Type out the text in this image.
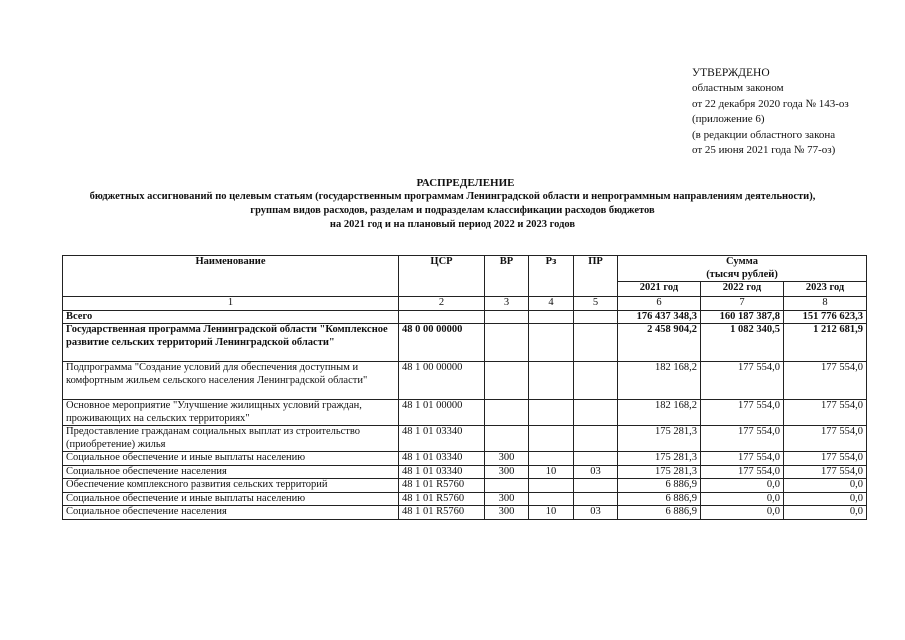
УТВЕРЖДЕНО
областным законом
от 22 декабря 2020 года № 143-оз
(приложение 6)
(в редакции областного закона
от 25 июня 2021 года № 77-оз)
РАСПРЕДЕЛЕНИЕ
бюджетных ассигнований по целевым статьям (государственным программам Ленинградской области и непрограммным направлениям деятельности),
группам видов расходов, разделам и подразделам классификации расходов бюджетов
на 2021 год и на плановый период 2022 и 2023 годов
Наименование	ЦСР	ВР	Рз	ПР	Сумма
(тысяч рублей)		

					2021 год	2022 год	2023 год
1	2	3	4	5	6	7	8
Всего					176 437 348,3	160 187 387,8	151 776 623,3
Государственная программа Ленинградской области "Комплексное развитие сельских территорий Ленинградской области"	48 0 00 00000				2 458 904,2	1 082 340,5	1 212 681,9
Подпрограмма "Создание условий для обеспечения доступным и комфортным жильем сельского населения Ленинградской области"	48 1 00 00000				182 168,2	177 554,0	177 554,0
Основное мероприятие "Улучшение жилищных условий граждан, проживающих на сельских территориях"	48 1 01 00000				182 168,2	177 554,0	177 554,0
Предоставление гражданам социальных выплат из строительство (приобретение) жилья	48 1 01 03340				175 281,3	177 554,0	177 554,0
Социальное обеспечение и иные выплаты населению	48 1 01 03340	300			175 281,3	177 554,0	177 554,0
Социальное обеспечение населения	48 1 01 03340	300	10	03	175 281,3	177 554,0	177 554,0
Обеспечение комплексного развития сельских территорий	48 1 01 R5760				6 886,9	0,0	0,0
Социальное обеспечение и иные выплаты населению	48 1 01 R5760	300			6 886,9	0,0	0,0
Социальное обеспечение населения	48 1 01 R5760	300	10	03	6 886,9	0,0	0,0
